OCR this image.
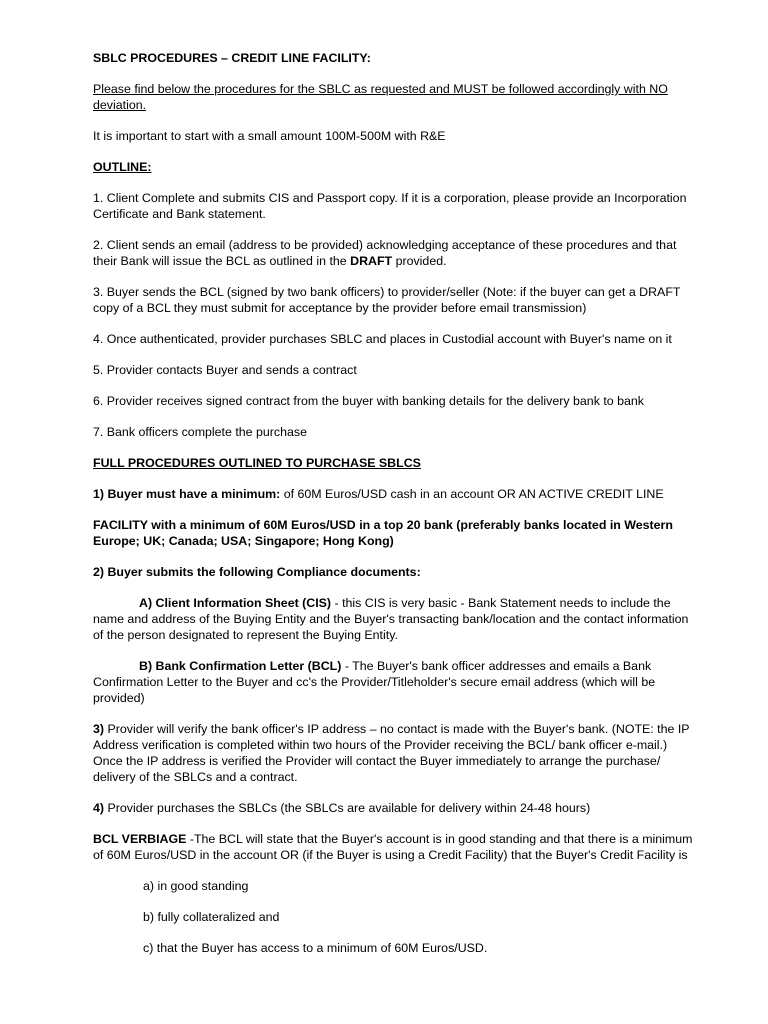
SBLC PROCEDURES – CREDIT LINE FACILITY:

Please find below the procedures for the SBLC as requested and MUST be followed accordingly with NO deviation.

It is important to start with a small amount 100M-500M with R&E

OUTLINE:

1. Client Complete and submits CIS and Passport copy. If it is a corporation, please provide an Incorporation Certificate and Bank statement.

2. Client sends an email (address to be provided) acknowledging acceptance of these procedures and that their Bank will issue the BCL as outlined in the DRAFT provided.

3. Buyer sends the BCL (signed by two bank officers) to provider/seller (Note: if the buyer can get a DRAFT copy of a BCL they must submit for acceptance by the provider before email transmission)

4. Once authenticated, provider purchases SBLC and places in Custodial account with Buyer's name on it

5. Provider contacts Buyer and sends a contract

6. Provider receives signed contract from the buyer with banking details for the delivery bank to bank

7. Bank officers complete the purchase

FULL PROCEDURES OUTLINED TO PURCHASE SBLCS

1) Buyer must have a minimum: of 60M Euros/USD cash in an account OR AN ACTIVE CREDIT LINE

FACILITY with a minimum of 60M Euros/USD in a top 20 bank (preferably banks located in Western Europe; UK; Canada; USA; Singapore; Hong Kong)

2) Buyer submits the following Compliance documents:

A) Client Information Sheet (CIS) - this CIS is very basic - Bank Statement needs to include the name and address of the Buying Entity and the Buyer's transacting bank/location and the contact information of the person designated to represent the Buying Entity.

B) Bank Confirmation Letter (BCL) - The Buyer's bank officer addresses and emails a Bank Confirmation Letter to the Buyer and cc's the Provider/Titleholder's secure email address (which will be provided)

3) Provider will verify the bank officer's IP address – no contact is made with the Buyer's bank. (NOTE: the IP Address verification is completed within two hours of the Provider receiving the BCL/ bank officer e-mail.) Once the IP address is verified the Provider will contact the Buyer immediately to arrange the purchase/ delivery of the SBLCs and a contract.

4) Provider purchases the SBLCs (the SBLCs are available for delivery within 24-48 hours)

BCL VERBIAGE -The BCL will state that the Buyer's account is in good standing and that there is a minimum of 60M Euros/USD in the account OR (if the Buyer is using a Credit Facility) that the Buyer's Credit Facility is

a) in good standing

b) fully collateralized and

c) that the Buyer has access to a minimum of 60M Euros/USD.
